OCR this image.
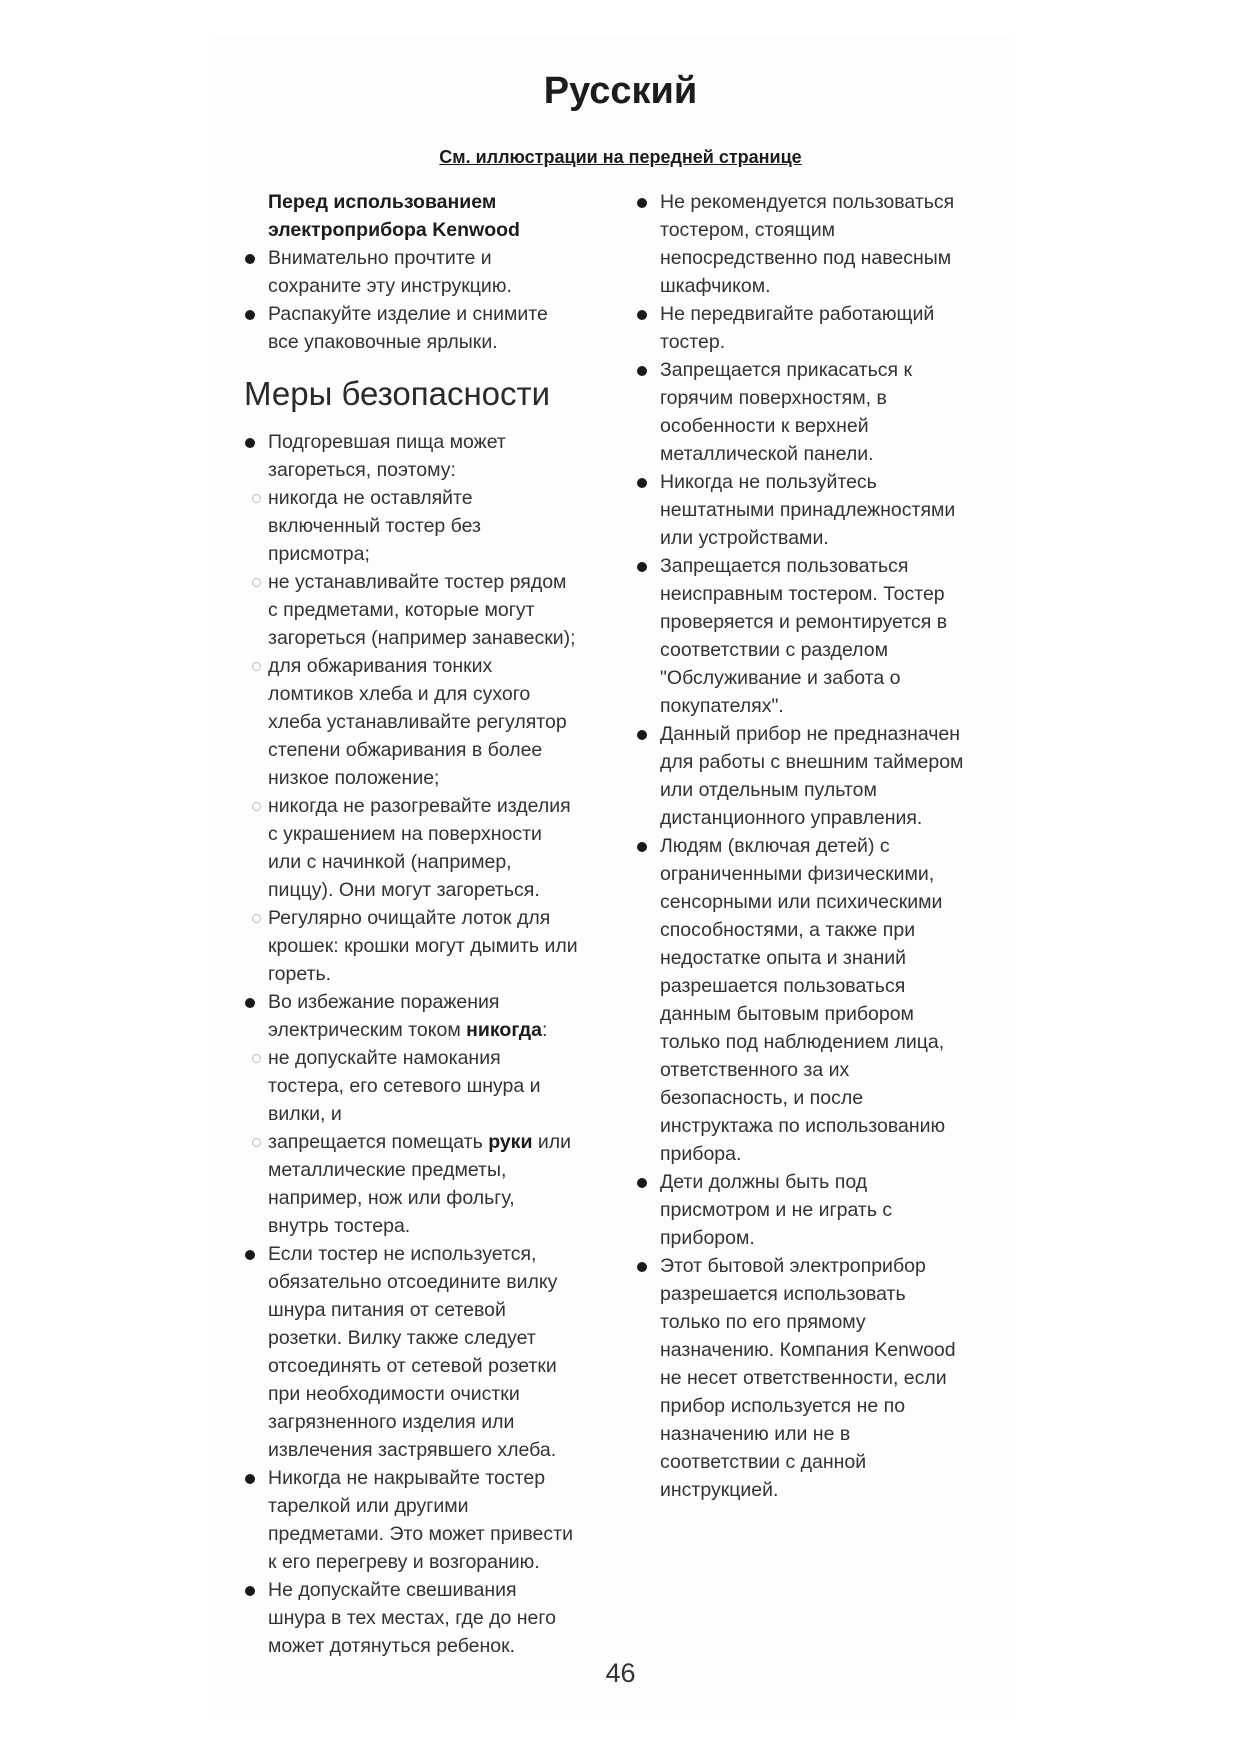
Русский
См. иллюстрации на передней странице
Перед использованием
электроприбора Kenwood
Внимательно прочтите и
сохраните эту инструкцию.
Распакуйте изделие и снимите
все упаковочные ярлыки.
Меры безопасности
Подгоревшая пища может
загореться, поэтому:
никогда не оставляйте
включенный тостер без
присмотра;
не устанавливайте тостер рядом
с предметами, которые могут
загореться (например занавески);
для обжаривания тонких
ломтиков хлеба и для сухого
хлеба устанавливайте регулятор
степени обжаривания в более
низкое положение;
никогда не разогревайте изделия
с украшением на поверхности
или с начинкой (например,
пиццу). Они могут загореться.
Регулярно очищайте лоток для
крошек: крошки могут дымить или
гореть.
Во избежание поражения
электрическим током никогда:
не допускайте намокания
тостера, его сетевого шнура и
вилки, и
запрещается помещать руки или
металлические предметы,
например, нож или фольгу,
внутрь тостера.
Если тостер не используется,
обязательно отсоедините вилку
шнура питания от сетевой
розетки. Вилку также следует
отсоединять от сетевой розетки
при необходимости очистки
загрязненного изделия или
извлечения застрявшего хлеба.
Никогда не накрывайте тостер
тарелкой или другими
предметами. Это может привести
к его перегреву и возгоранию.
Не допускайте свешивания
шнура в тех местах, где до него
может дотянуться ребенок.
Не рекомендуется пользоваться
тостером, стоящим
непосредственно под навесным
шкафчиком.
Не передвигайте работающий
тостер.
Запрещается прикасаться к
горячим поверхностям, в
особенности к верхней
металлической панели.
Никогда не пользуйтесь
нештатными принадлежностями
или устройствами.
Запрещается пользоваться
неисправным тостером. Тостер
проверяется и ремонтируется в
соответствии с разделом
"Обслуживание и забота о
покупателях".
Данный прибор не предназначен
для работы с внешним таймером
или отдельным пультом
дистанционного управления.
Людям (включая детей) с
ограниченными физическими,
сенсорными или психическими
способностями, а также при
недостатке опыта и знаний
разрешается пользоваться
данным бытовым прибором
только под наблюдением лица,
ответственного за их
безопасность, и после
инструктажа по использованию
прибора.
Дети должны быть под
присмотром и не играть с
прибором.
Этот бытовой электроприбор
разрешается использовать
только по его прямому
назначению. Компания Kenwood
не несет ответственности, если
прибор используется не по
назначению или не в
соответствии с данной
инструкцией.
46
